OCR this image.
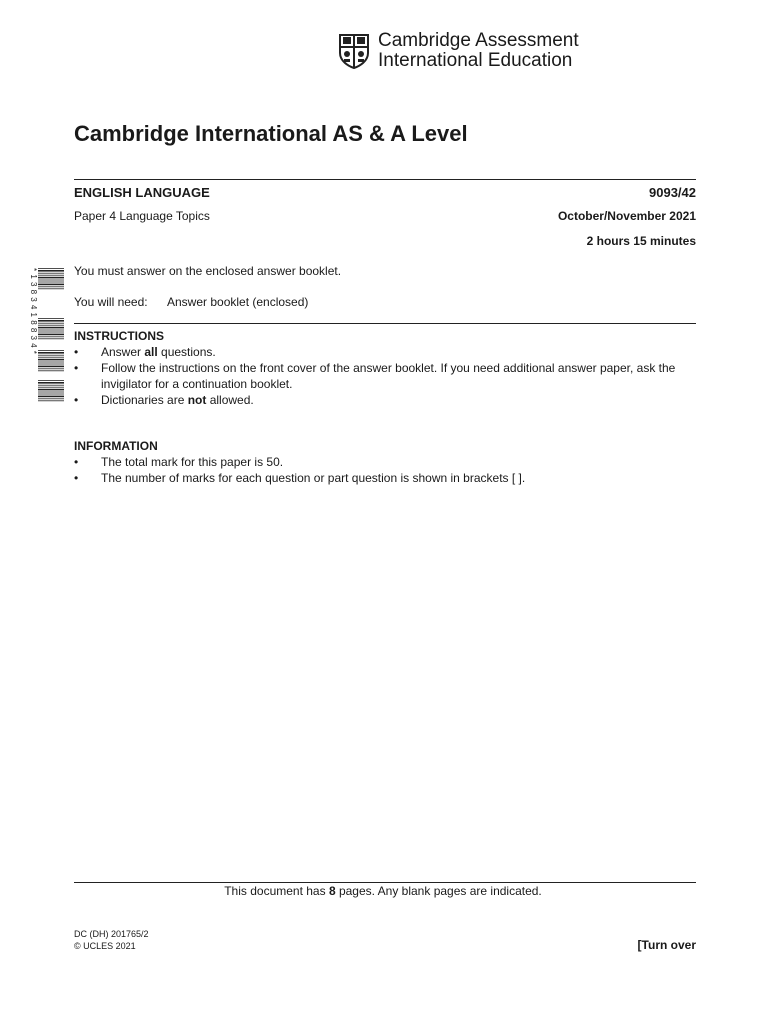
Cambridge Assessment
International Education
Cambridge International AS & A Level
ENGLISH LANGUAGE	9093/42
Paper 4 Language Topics	October/November 2021
2 hours 15 minutes
*1383418834*	You must answer on the enclosed answer booklet.
You will need: Answer booklet (enclosed)
INSTRUCTIONS
• Answer all questions.
• Follow the instructions on the front cover of the answer booklet. If you need additional answer paper, ask the invigilator for a continuation booklet.
• Dictionaries are not allowed.
INFORMATION
• The total mark for this paper is 50.
• The number of marks for each question or part question is shown in brackets [ ].
This document has 8 pages. Any blank pages are indicated.
DC (DH) 201765/2
© UCLES 2021	[Turn over
